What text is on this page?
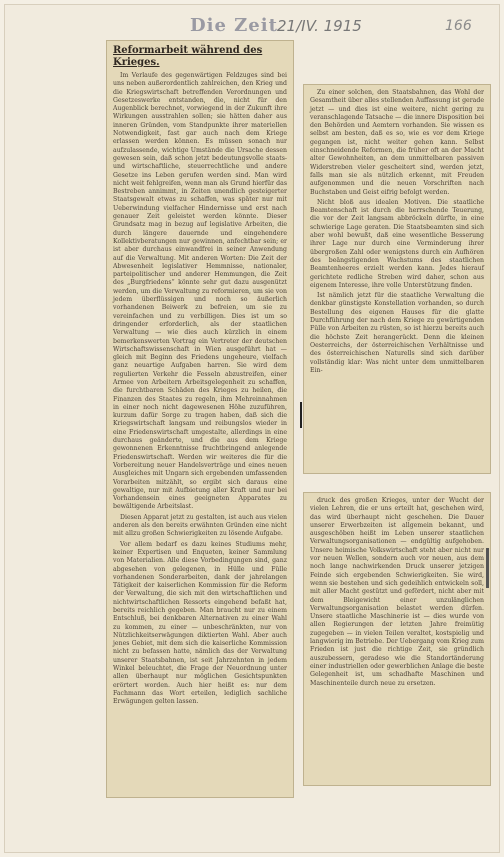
Die Zeit 21/IV. 1915	166
Reformarbeit während des Krieges.

Im Verlaufe des gegenwärtigen Feldzuges sind bei uns neben außerordentlich zahlreichen, den Krieg und die Kriegswirtschaft betreffenden Verordnungen und Gesetzeswerke entstanden, die, nicht für den Augenblick berechnet, vorwiegend in der Zukunft ihre Wirkungen ausstrahlen sollen; sie hätten daher aus inneren Gründen, vom Standpunkte ihrer materiellen Notwendigkeit, fast gar auch nach dem Kriege erlassen werden können. Es müssen sonach nur aufzulassende, wichtige Umstände die Ursache dessen gewesen sein, daß schon jetzt bedeutungsvolle staats- und wirtschaftliche, steuerrechtliche und andere Gesetze ins Leben gerufen werden sind. Man wird nicht weit fehlgreifen, wenn man als Grund hierfür das Bestreben annimmt, in Zeiten unendlich gesteigerter Staatsgewalt etwas zu schaffen, was später nur mit Ueberwindung vielfacher Hindernisse und erst nach genauer Zeit geleistet werden könnte. Dieser Grundsatz mag in bezug auf legislative Arbeiten, die durch längere dauernde und eingehendere Kollektivberatungen nur gewinnen, anfechtbar sein; er ist aber durchaus einwandfrei in seiner Anwendung auf die Verwaltung. Mit anderen Worten: Die Zeit der Abwesenheit legislativer Hemmnisse, nationaler, parteipolitischer und anderer Hemmungen, die Zeit des „Burgfriedens“ könnte sehr gut dazu ausgenützt werden, um die Verwaltung zu reformieren, um sie von jedem überflüssigen und noch so äußerlich vorhandenen Beiwerk zu befreien, um sie zu vereinfachen und zu verbilligen. Dies ist um so dringender erforderlich, als der staatlichen Verwaltung — wie dies auch kürzlich in einem bemerkenswerten Vortrag ein Vertreter der deutschen Wirtschaftswissenschaft in Wien ausgeführt hat — gleich mit Beginn des Friedens ungeheure, vielfach ganz neuartige Aufgaben harren. Sie wird dem regulierten Verkehr die Fesseln abzustreifen, einer Armee von Arbeitern Arbeitsgelegenheit zu schaffen, die furchtbaren Schäden des Krieges zu heilen, die Finanzen des Staates zu regeln, ihm Mehreinnahmen in einer noch nicht dagewesenen Höhe zuzuführen, kurzum dafür Sorge zu tragen haben, daß sich die Kriegswirtschaft langsam und reibungslos wieder in eine Friedenswirtschaft umgestalte, allerdings in eine durchaus geänderte, und die aus dem Kriege gewonnenen Erkenntnisse fruchtbringend anlegende Friedenswirtschaft. Werden wir weiteres die für die Vorbereitung neuer Handelsverträge und eines neuen Ausgleiches mit Ungarn sich ergebenden umfassenden Vorarbeiten mitzählt, so ergibt sich daraus eine gewaltige, nur mit Aufbietung aller Kraft und nur bei Vorhandensein eines geeigneten Apparates zu bewältigende Arbeitslast.

Diesen Apparat jetzt zu gestalten, ist auch aus vielen anderen als den bereits erwähnten Gründen eine nicht mit allzu großen Schwierigkeiten zu lösende Aufgabe.

Vor allem bedarf es dazu keines Studiums mehr, keiner Expertisen und Enqueten, keiner Sammlung von Materialien. Alle diese Vorbedingungen sind, ganz abgesehen von gelegenen, in Hülle und Fülle vorhandenen Sonderarbeiten, dank der jahrelangen Tätigkeit der kaiserlichen Kommission für die Reform der Verwaltung, die sich mit den wirtschaftlichen und nichtwirtschaftlichen Ressorts eingehend befaßt hat, bereits reichlich gegeben. Man braucht nur zu einem Entschluß, bei denkbaren Alternativen zu einer Wahl zu kommen, zu einer — unbeschränkten, nur von Nützlichkeitserwägungen diktierten Wahl. Aber auch jenes Gebiet, mit dem sich die kaiserliche Kommission nicht zu befassen hatte, nämlich das der Verwaltung unserer Staatsbahnen, ist seit Jahrzehnten in jedem Winkel beleuchtet, die Frage der Neuordnung unter allen überhaupt nur möglichen Gesichtspunkten erörtert worden. Auch hier heißt es: nur dem Fachmann das Wort erteilen, lediglich sachliche Erwägungen gelten lassen.

Zu einer solchen, den Staatsbahnen, das Wohl der Gesamtheit über alles stellenden Auffassung ist gerade jetzt — und dies ist eine weitere, nicht gering zu veranschlagende Tatsache — die innere Disposition bei den Behörden und Aemtern vorhanden. Sie wissen es selbst am besten, daß es so, wie es vor dem Kriege gegangen ist, nicht weiter gehen kann. Selbst einschneidende Reformen, die früher oft an der Macht alter Gewohnheiten, an dem unmittelbaren passiven Widerstreben vieler gescheitert sind, werden jetzt, falls man sie als nützlich erkennt, mit Freuden aufgenommen und die neuen Vorschriften nach Buchstaben und Geist eifrig befolgt werden.

Nicht bloß aus idealen Motiven. Die staatliche Beamtenschaft ist durch die herrschende Teuerung, die vor der Zeit langsam abbröckeln dürfte, in eine schwierige Lage geraten. Die Staatsbeamten sind sich aber wohl bewußt, daß eine wesentliche Besserung ihrer Lage nur durch eine Verminderung ihrer übergroßen Zahl oder wenigstens durch ein Aufhören des beängstigenden Wachstums des staatlichen Beamtenheeres erzielt werden kann. Jedes hierauf gerichtete redliche Streben wird daher, schon aus eigenem Interesse, ihre volle Unterstützung finden.

Ist nämlich jetzt für die staatliche Verwaltung die denkbar günstigste Konstellation vorhanden, so durch Bestellung des eigenen Hauses für die glatte Durchführung der nach dem Kriege zu gewärtigenden Fülle von Arbeiten zu rüsten, so ist hierzu bereits auch die höchste Zeit herangerückt. Denn die kleinen Oesterreichs, der österreichischen Verhältnisse und des österreichischen Naturells sind sich darüber vollständig klar: Was nicht unter dem unmittelbaren Ein-

druck des großen Krieges, unter der Wucht der vielen Lehren, die er uns erteilt hat, geschehen wird, das wird überhaupt nicht geschehen. Die Dauer unserer Erwerbzeiten ist allgemein bekannt, und ausgeschöben heißt im Leben unserer staatlichen Verwaltungsorganisationen — endgültig aufgehoben. Unsere heimische Volkswirtschaft steht aber nicht nur vor neuen Wellen, sondern auch vor neuen, aus dem noch lange nachwirkenden Druck unserer jetzigen Feinde sich ergebenden Schwierigkeiten. Sie wird, wenn sie bestehen und sich gedeihlich entwickeln soll, mit aller Macht gestützt und gefördert, nicht aber mit dem Bleigewicht einer unzulänglichen Verwaltungsorganisation belastet werden dürfen. Unsere staatliche Maschinerie ist — dies wurde von allen Regierungen der letzten Jahre freimütig zugegeben — in vielen Teilen veraltet, kostspielig und langwierig im Betriebe. Der Uebergang vom Krieg zum Frieden ist just die richtige Zeit, sie gründlich auszubessern, geradeso wie die Standortänderung einer industriellen oder gewerblichen Anlage die beste Gelegenheit ist, um schadhafte Maschinen und Maschinenteile durch neue zu ersetzen.
